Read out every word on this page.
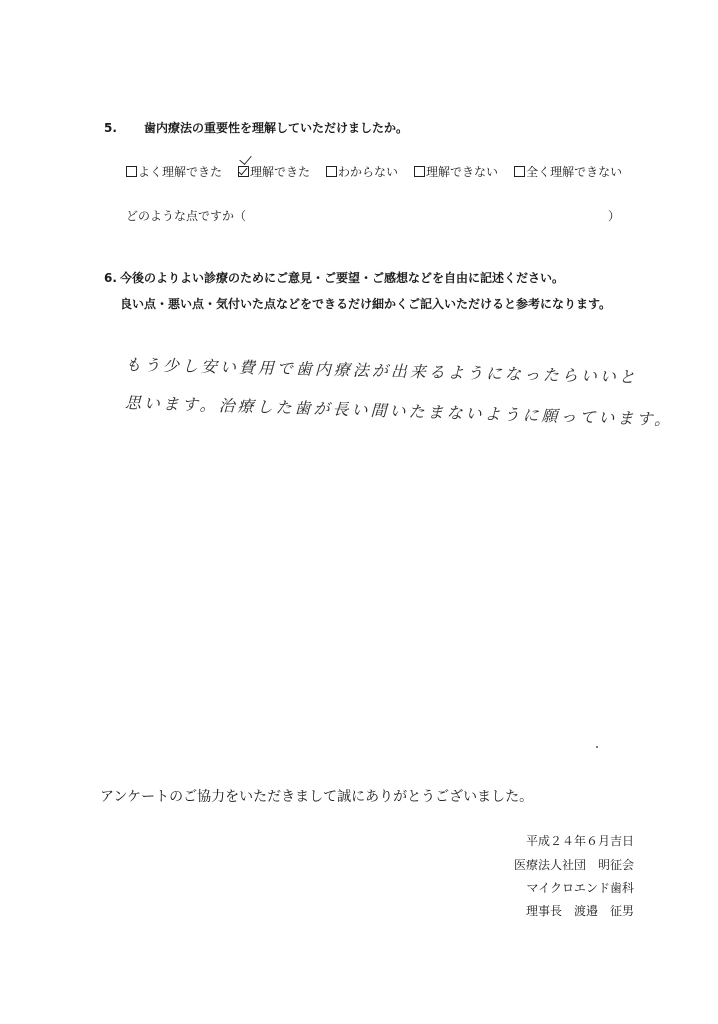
5. 歯内療法の重要性を理解していただけましたか。
よく理解できた 理解できた わからない 理解できない 全く理解できない
どのような点ですか（	）
6. 今後のよりよい診療のためにご意見・ご要望・ご感想などを自由に記述ください。
良い点・悪い点・気付いた点などをできるだけ細かくご記入いただけると参考になります。
もう少し安い費用で歯内療法が出来るようになったらいいと
思います。治療した歯が長い間いたまないように願っています。
アンケートのご協力をいただきまして誠にありがとうございました。
平成２４年６月吉日
医療法人社団　明征会
マイクロエンド歯科
理事長　渡邉　征男
